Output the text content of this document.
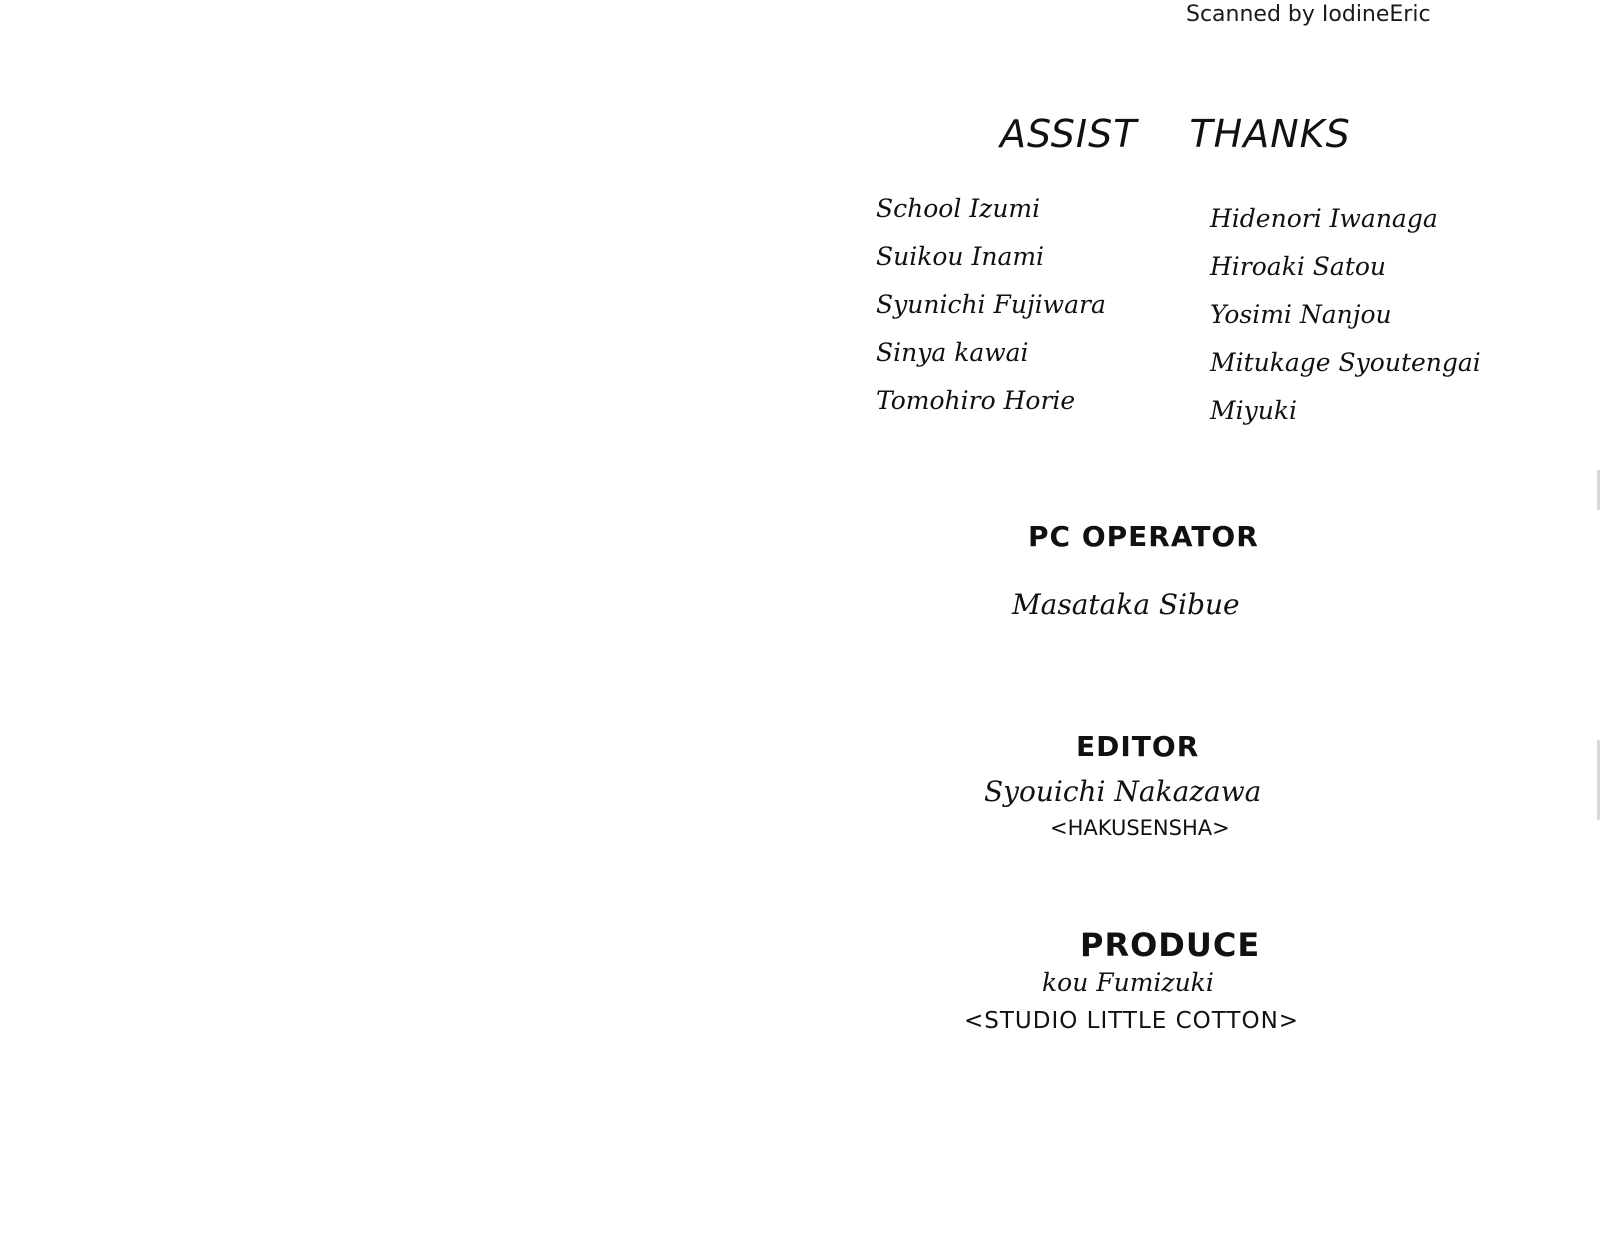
Scanned by IodineEric
ASSIST THANKS
School Izumi
Suikou Inami
Syunichi Fujiwara
Sinya kawai
Tomohiro Horie
Hidenori Iwanaga
Hiroaki Satou
Yosimi Nanjou
Mitukage Syoutengai
Miyuki
PC OPERATOR
Masataka Sibue
EDITOR
Syouichi Nakazawa
<HAKUSENSHA>
PRODUCE
kou Fumizuki
<STUDIO LITTLE COTTON>
